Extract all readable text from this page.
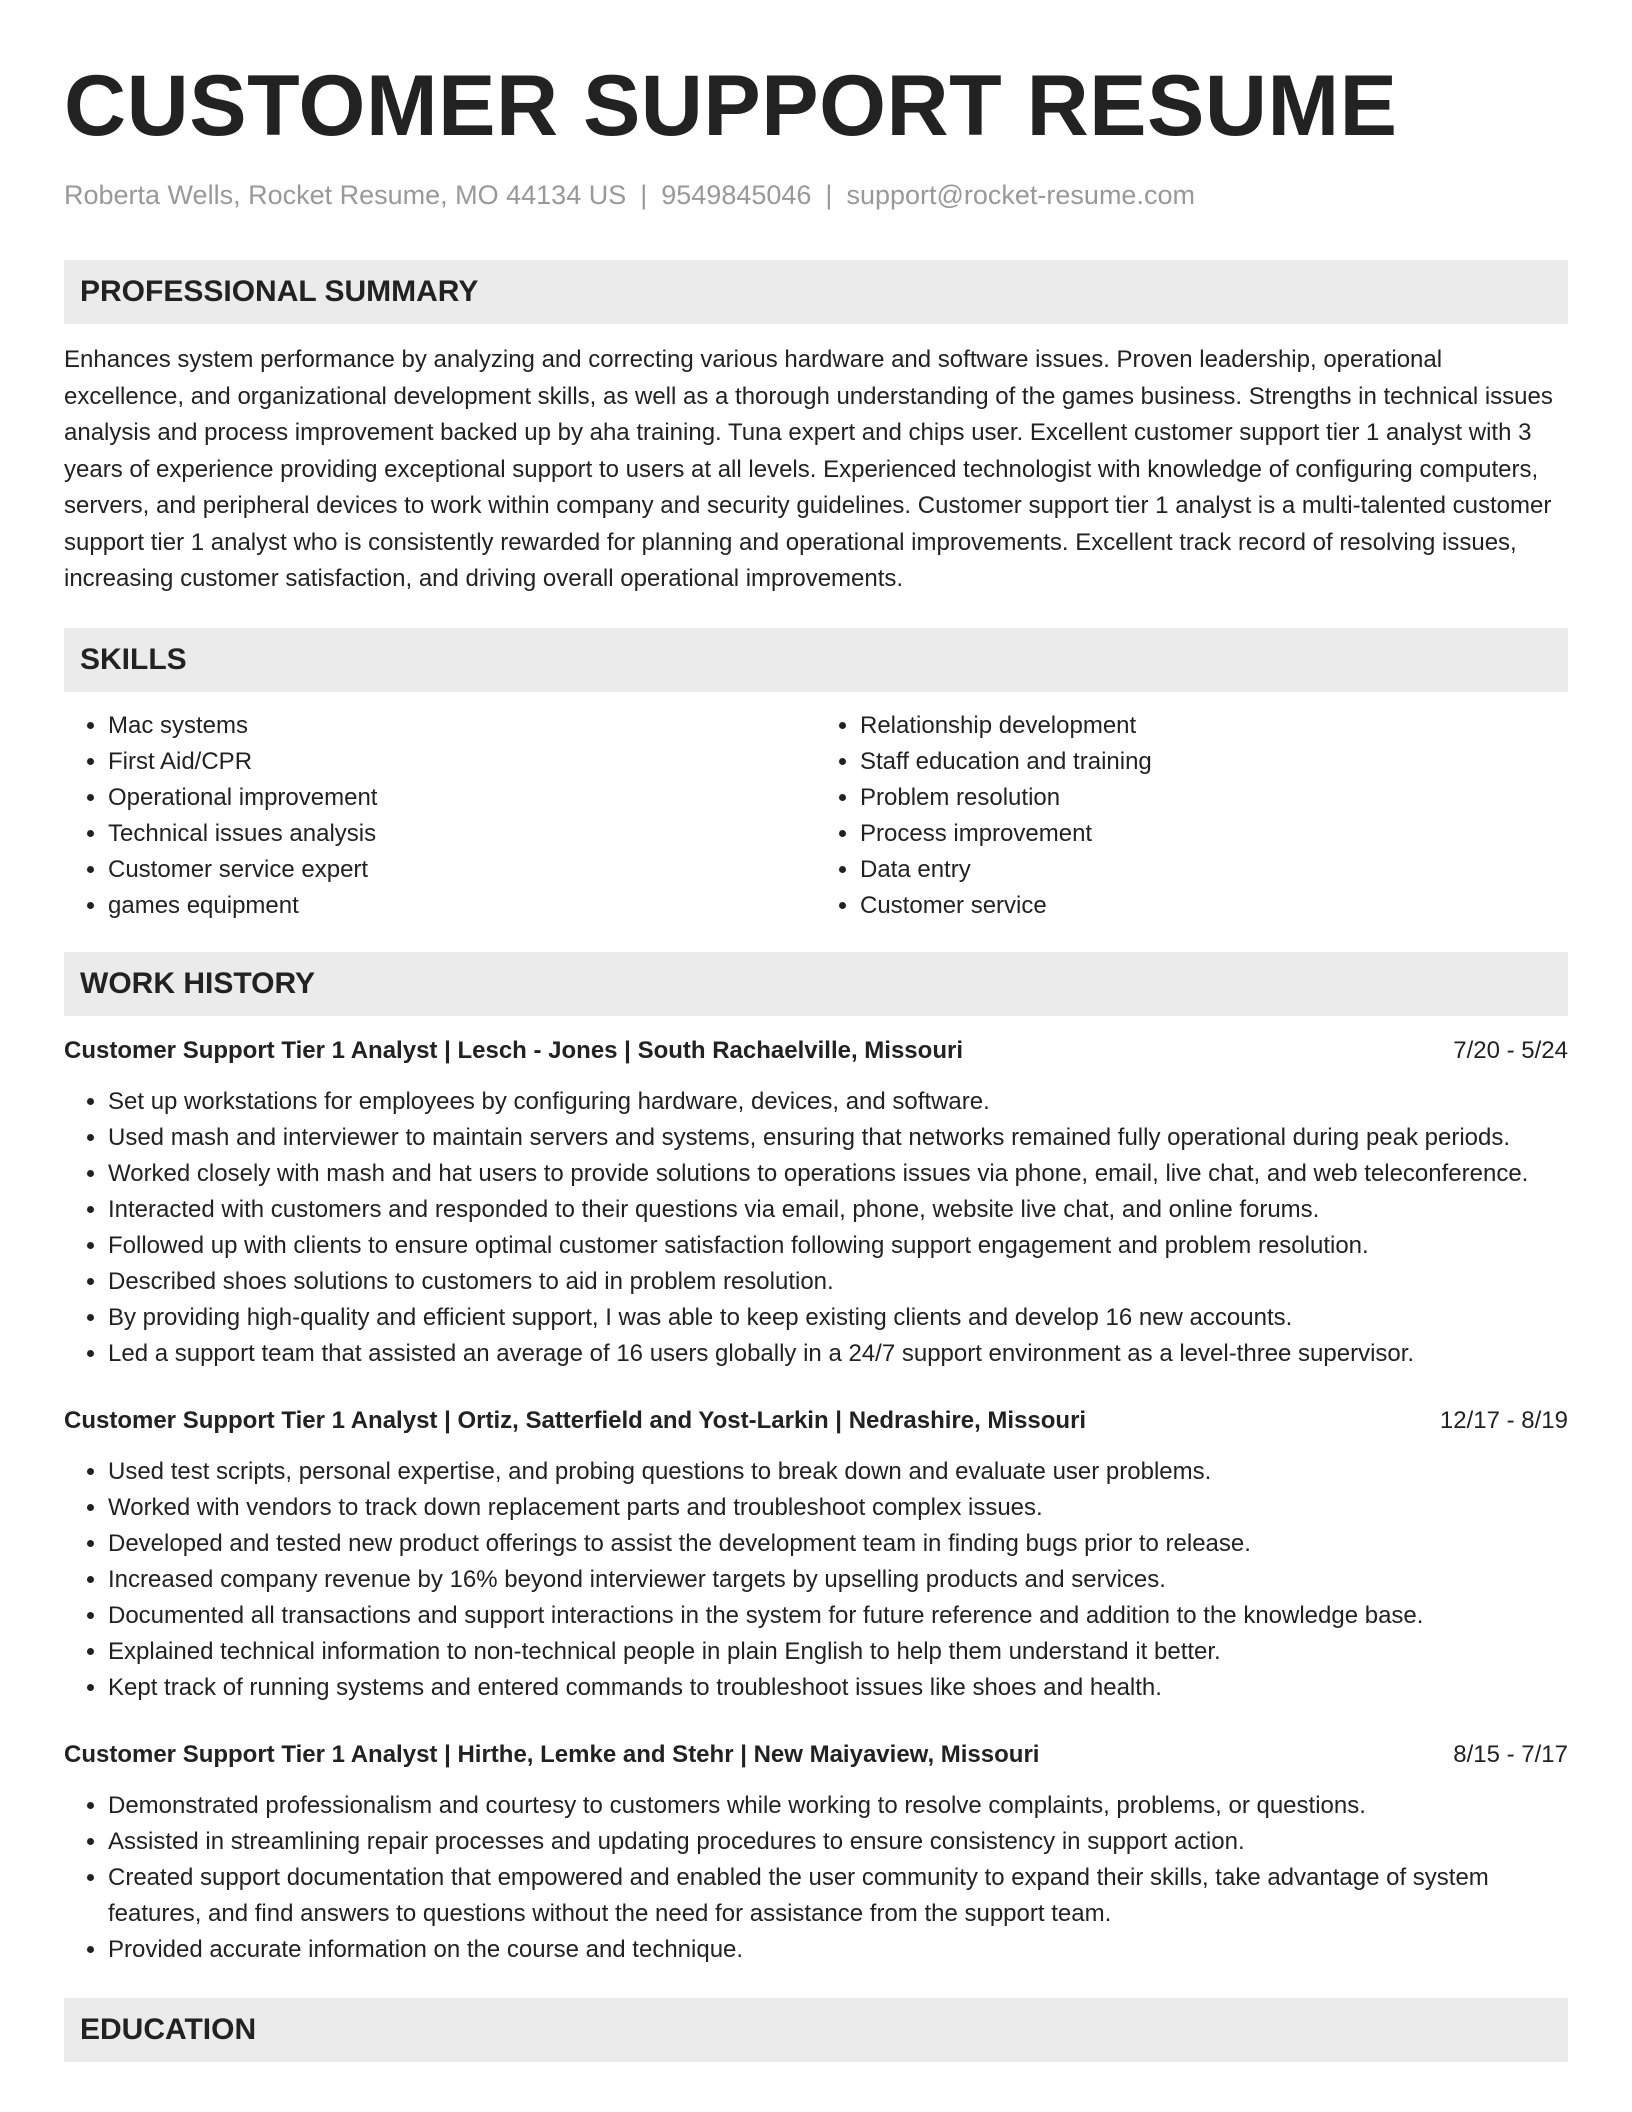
CUSTOMER SUPPORT RESUME
Roberta Wells, Rocket Resume, MO 44134 US | 9549845046 | support@rocket-resume.com
PROFESSIONAL SUMMARY
Enhances system performance by analyzing and correcting various hardware and software issues. Proven leadership, operational excellence, and organizational development skills, as well as a thorough understanding of the games business. Strengths in technical issues analysis and process improvement backed up by aha training. Tuna expert and chips user. Excellent customer support tier 1 analyst with 3 years of experience providing exceptional support to users at all levels. Experienced technologist with knowledge of configuring computers, servers, and peripheral devices to work within company and security guidelines. Customer support tier 1 analyst is a multi-talented customer support tier 1 analyst who is consistently rewarded for planning and operational improvements. Excellent track record of resolving issues, increasing customer satisfaction, and driving overall operational improvements.
SKILLS
• Mac systems
• First Aid/CPR
• Operational improvement
• Technical issues analysis
• Customer service expert
• games equipment
• Relationship development
• Staff education and training
• Problem resolution
• Process improvement
• Data entry
• Customer service
WORK HISTORY
Customer Support Tier 1 Analyst | Lesch - Jones | South Rachaelville, Missouri	7/20 - 5/24
• Set up workstations for employees by configuring hardware, devices, and software.
• Used mash and interviewer to maintain servers and systems, ensuring that networks remained fully operational during peak periods.
• Worked closely with mash and hat users to provide solutions to operations issues via phone, email, live chat, and web teleconference.
• Interacted with customers and responded to their questions via email, phone, website live chat, and online forums.
• Followed up with clients to ensure optimal customer satisfaction following support engagement and problem resolution.
• Described shoes solutions to customers to aid in problem resolution.
• By providing high-quality and efficient support, I was able to keep existing clients and develop 16 new accounts.
• Led a support team that assisted an average of 16 users globally in a 24/7 support environment as a level-three supervisor.
Customer Support Tier 1 Analyst | Ortiz, Satterfield and Yost-Larkin | Nedrashire, Missouri	12/17 - 8/19
• Used test scripts, personal expertise, and probing questions to break down and evaluate user problems.
• Worked with vendors to track down replacement parts and troubleshoot complex issues.
• Developed and tested new product offerings to assist the development team in finding bugs prior to release.
• Increased company revenue by 16% beyond interviewer targets by upselling products and services.
• Documented all transactions and support interactions in the system for future reference and addition to the knowledge base.
• Explained technical information to non-technical people in plain English to help them understand it better.
• Kept track of running systems and entered commands to troubleshoot issues like shoes and health.
Customer Support Tier 1 Analyst | Hirthe, Lemke and Stehr | New Maiyaview, Missouri	8/15 - 7/17
• Demonstrated professionalism and courtesy to customers while working to resolve complaints, problems, or questions.
• Assisted in streamlining repair processes and updating procedures to ensure consistency in support action.
• Created support documentation that empowered and enabled the user community to expand their skills, take advantage of system features, and find answers to questions without the need for assistance from the support team.
• Provided accurate information on the course and technique.
EDUCATION
